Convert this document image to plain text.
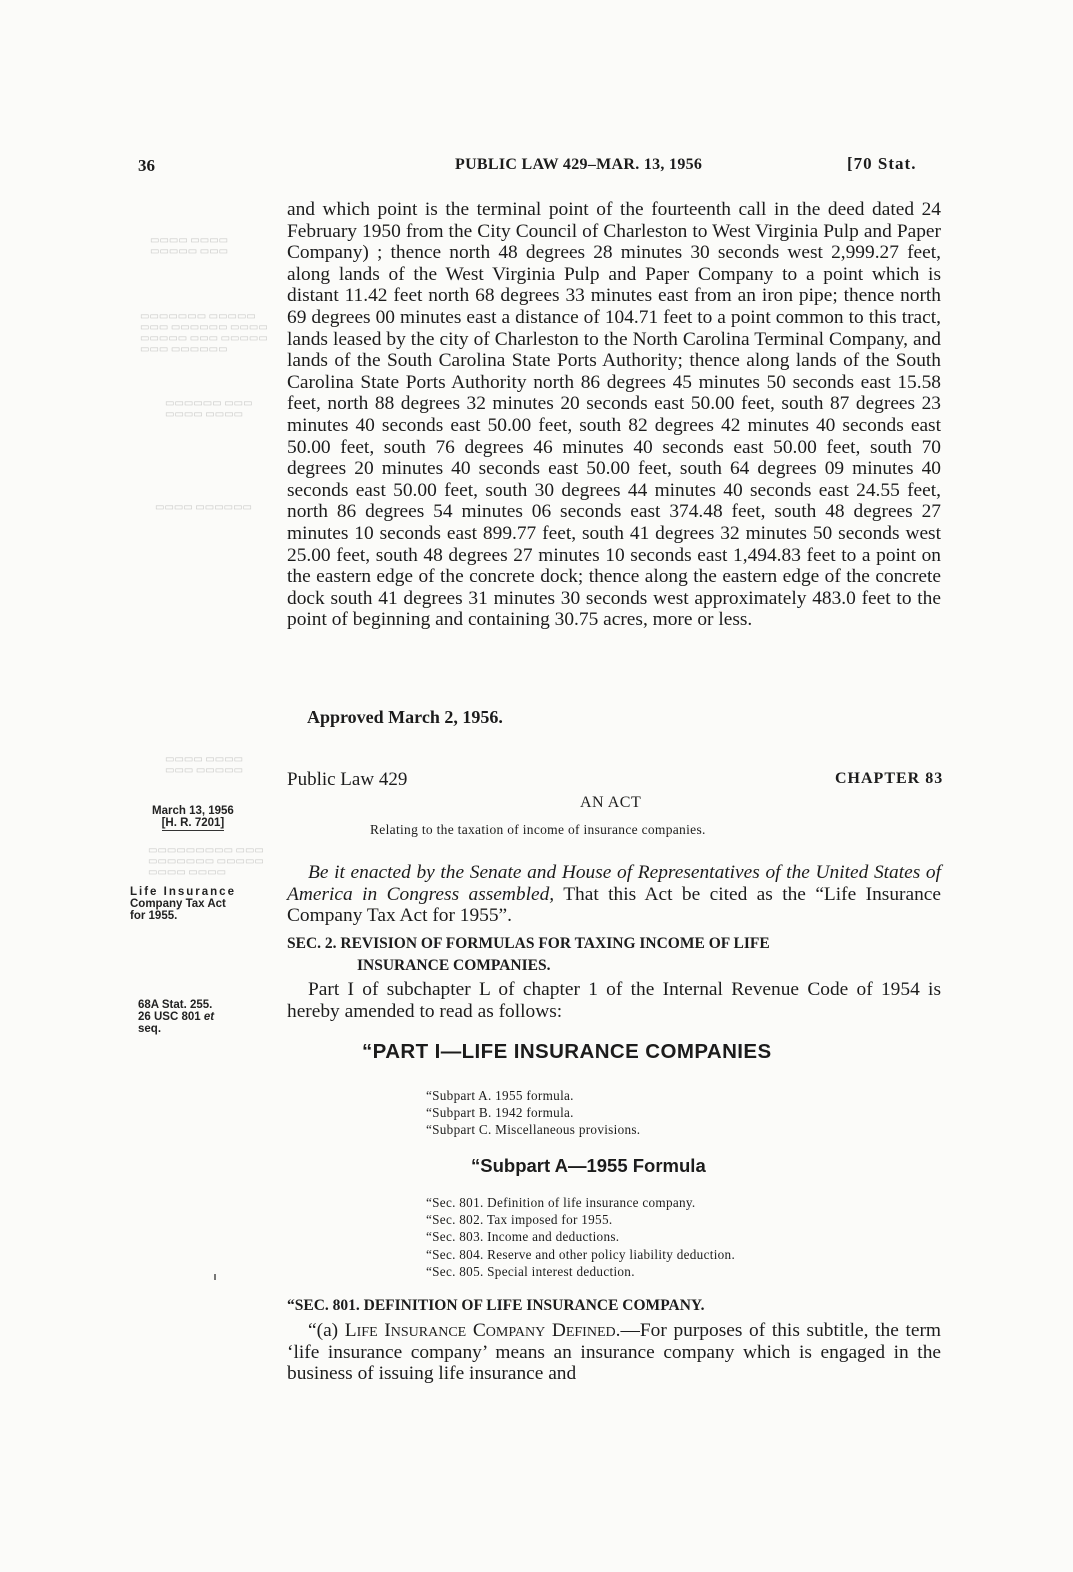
▭▭▭▭ ▭▭▭▭
▭▭▭▭▭ ▭▭▭
▭▭▭▭▭▭▭ ▭▭▭▭▭
▭▭▭ ▭▭▭▭▭▭ ▭▭▭▭
▭▭▭▭▭ ▭▭▭ ▭▭▭▭▭
▭▭▭ ▭▭▭▭▭▭
▭▭▭▭▭▭ ▭▭▭
▭▭▭▭ ▭▭▭▭
▭▭▭▭ ▭▭▭▭▭▭
▭▭▭▭ ▭▭▭▭
▭▭▭ ▭▭▭▭▭
▭▭▭▭▭▭▭▭▭ ▭▭▭
▭▭▭▭▭▭▭ ▭▭▭▭▭
▭▭▭▭ ▭▭▭▭
36	PUBLIC LAW 429–MAR. 13, 1956	[70 Stat.

and which point is the terminal point of the fourteenth call in the deed dated 24 February 1950 from the City Council of Charleston to West Virginia Pulp and Paper Company) ; thence north 48 degrees 28 minutes 30 seconds west 2,999.27 feet, along lands of the West Virginia Pulp and Paper Company to a point which is distant 11.42 feet north 68 degrees 33 minutes east from an iron pipe; thence north 69 degrees 00 minutes east a distance of 104.71 feet to a point common to this tract, lands leased by the city of Charleston to the North Carolina Terminal Company, and lands of the South Carolina State Ports Authority; thence along lands of the South Carolina State Ports Authority north 86 degrees 45 minutes 50 seconds east 15.58 feet, north 88 degrees 32 minutes 20 seconds east 50.00 feet, south 87 degrees 23 minutes 40 seconds east 50.00 feet, south 82 degrees 42 minutes 40 seconds east 50.00 feet, south 76 degrees 46 minutes 40 seconds east 50.00 feet, south 70 degrees 20 minutes 40 seconds east 50.00 feet, south 64 degrees 09 minutes 40 seconds east 50.00 feet, south 30 degrees 44 minutes 40 seconds east 24.55 feet, north 86 degrees 54 minutes 06 seconds east 374.48 feet, south 48 degrees 27 minutes 10 seconds east 899.77 feet, south 41 degrees 32 minutes 50 seconds west 25.00 feet, south 48 degrees 27 minutes 10 seconds east 1,494.83 feet to a point on the eastern edge of the concrete dock; thence along the eastern edge of the concrete dock south 41 degrees 31 minutes 30 seconds west approximately 483.0 feet to the point of beginning and containing 30.75 acres, more or less.

Approved March 2, 1956.

Public Law 429	CHAPTER 83
AN ACT
Relating to the taxation of income of insurance companies.
March 13, 1956
[H. R. 7201]
Life Insurance
Company Tax Act
for 1955.
68A Stat. 255.
26 USC 801 et
seq.

Be it enacted by the Senate and House of Representatives of the United States of America in Congress assembled, That this Act be cited as the “Life Insurance Company Tax Act for 1955”.

SEC. 2. REVISION OF FORMULAS FOR TAXING INCOME OF LIFE
INSURANCE COMPANIES.

Part I of subchapter L of chapter 1 of the Internal Revenue Code of 1954 is hereby amended to read as follows:

“PART I—LIFE INSURANCE COMPANIES
“Subpart A. 1955 formula.
“Subpart B. 1942 formula.
“Subpart C. Miscellaneous provisions.
“Subpart A—1955 Formula
“Sec. 801. Definition of life insurance company.
“Sec. 802. Tax imposed for 1955.
“Sec. 803. Income and deductions.
“Sec. 804. Reserve and other policy liability deduction.
“Sec. 805. Special interest deduction.

“SEC. 801. DEFINITION OF LIFE INSURANCE COMPANY.

“(a) Life Insurance Company Defined.—For purposes of this subtitle, the term ‘life insurance company’ means an insurance company which is engaged in the business of issuing life insurance and
